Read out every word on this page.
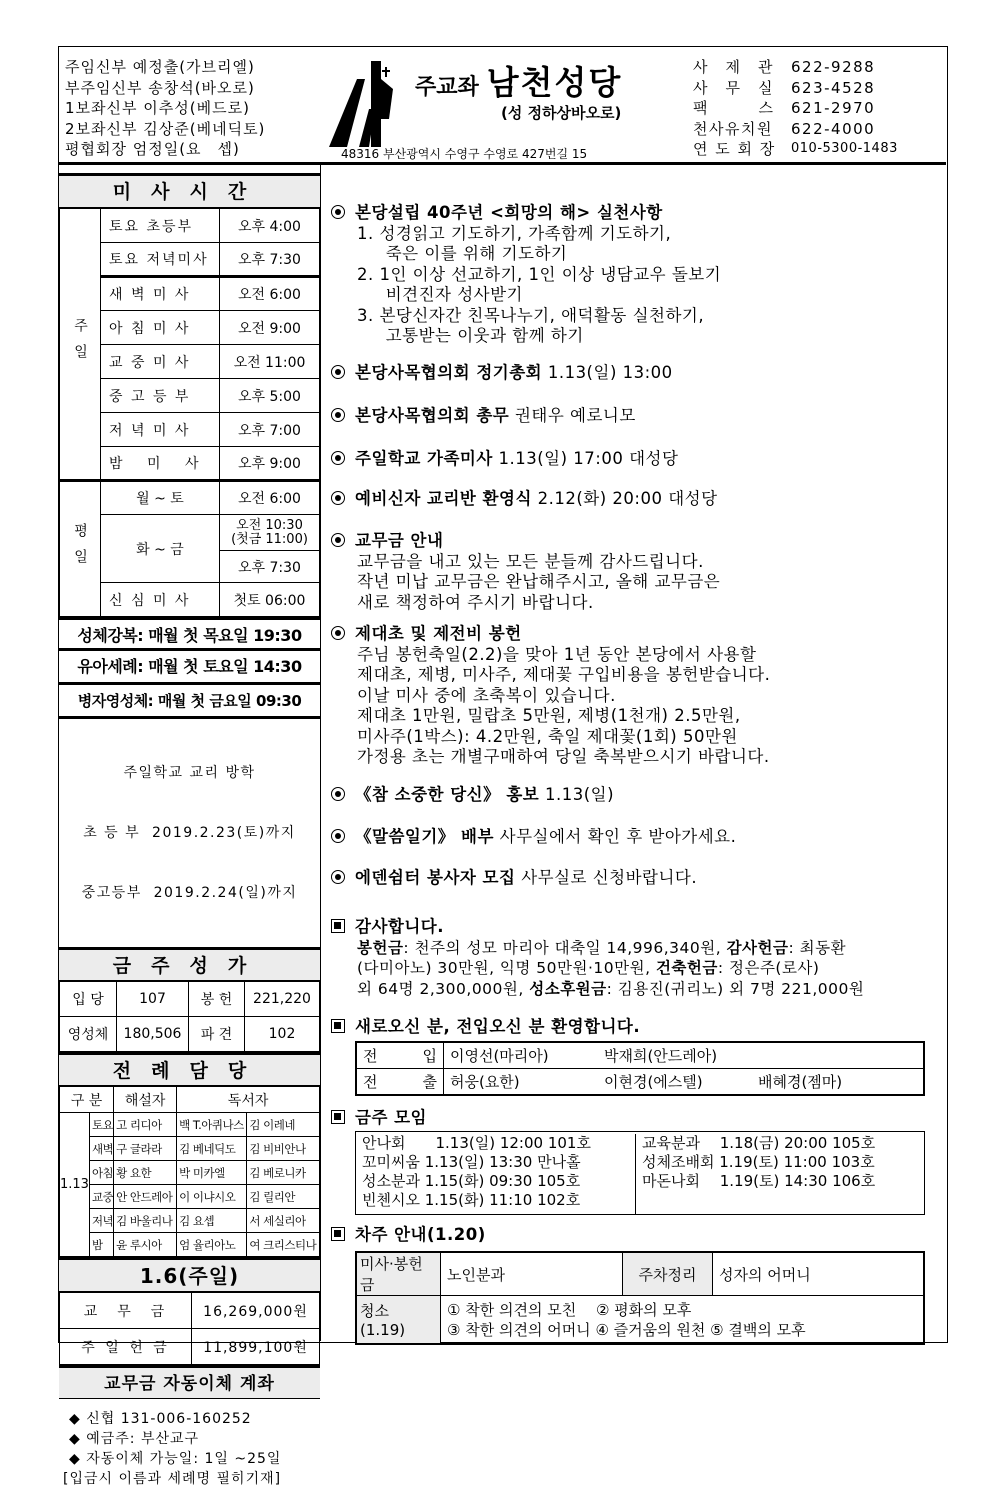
주임신부 예정출(가브리엘)
부주임신부 송창석(바오로)
1보좌신부 이추성(베드로)
2보좌신부 김상준(베네딕토)
평협회장 엄정일(요　셉)
주교좌 남천성당
(성 정하상바오로)
48316 부산광역시 수영구 수영로 427번길 15
사　제　관	622-9288
사　무　실	623-4528
팩　　　스	621-2970
천사유치원	622-4000
연 도 회 장	010-5300-1483
미사시간
주일	토요 초등부	오후 4:00
	토요 저녁미사	오후 7:30
	새 벽 미 사	오전 6:00
	아 침 미 사	오전 9:00
	교 중 미 사	오전 11:00
	중 고 등 부	오후 5:00
	저 녁 미 사	오후 7:00
	밤　 미　 사	오후 9:00
평일	월 ~ 토	오전 6:00
	화 ~ 금	오전 10:30
(첫금 11:00)

		오후 7:30
	신 심 미 사	첫토 06:00
성체강복: 매월 첫 목요일 19:30
유아세례: 매월 첫 토요일 14:30
병자영성체: 매월 첫 금요일 09:30

주일학교 교리 방학

초 등 부  2019.2.23(토)까지

중고등부  2019.2.24(일)까지

금주성가
입 당	107	봉 헌	221,220
영성체	180,506	파 견	102
전례담당
구 분		해설자	독서자	
1.13	토요	고 리디아	백 T.아퀴나스	김 이레네
	새벽	구 글라라	김 베네딕도	김 비비안나
	아침	황 요한	박 미카엘	김 베로니카
	교중	안 안드레아	이 이냐시오	김 릴리안
	저녁	김 바울리나	김 요셉	서 세실리아
	밤	윤 루시아	엄 율리아노	여 크리스티나
1.6(주일)
교　무　금	16,269,000원
주 일 헌 금	11,899,100원
교무금 자동이체 계좌
◆ 신협 131-006-160252
◆ 예금주: 부산교구
◆ 자동이체 가능일: 1일 ~25일
[입금시 이름과 세례명 필히기재]
본당설립 40주년 <희망의 해> 실천사항
1. 성경읽고 기도하기, 가족함께 기도하기,
죽은 이를 위해 기도하기
2. 1인 이상 선교하기, 1인 이상 냉담교우 돌보기
비견진자 성사받기
3. 본당신자간 친목나누기, 애덕활동 실천하기,
고통받는 이웃과 함께 하기
본당사목협의회 정기총회 1.13(일) 13:00
본당사목협의회 총무 권태우 예로니모
주일학교 가족미사 1.13(일) 17:00 대성당
예비신자 교리반 환영식 2.12(화) 20:00 대성당
교무금 안내
교무금을 내고 있는 모든 분들께 감사드립니다.
작년 미납 교무금은 완납해주시고, 올해 교무금은
새로 책정하여 주시기 바랍니다.
제대초 및 제전비 봉헌
주님 봉헌축일(2.2)을 맞아 1년 동안 본당에서 사용할
제대초, 제병, 미사주, 제대꽃 구입비용을 봉헌받습니다.
이날 미사 중에 초축복이 있습니다.
제대초 1만원, 밀랍초 5만원, 제병(1천개) 2.5만원,
미사주(1박스): 4.2만원, 축일 제대꽃(1회) 50만원
가정용 초는 개별구매하여 당일 축복받으시기 바랍니다.
《참 소중한 당신》 홍보 1.13(일)
《말씀일기》 배부 사무실에서 확인 후 받아가세요.
에덴쉼터 봉사자 모집 사무실로 신청바랍니다.
감사합니다.
봉헌금: 천주의 성모 마리아 대축일 14,996,340원, 감사헌금: 최동환
(다미아노) 30만원, 익명 50만원·10만원, 건축헌금: 정은주(로사)
외 64명 2,300,000원, 성소후원금: 김용진(귀리노) 외 7명 221,000원

새로오신 분, 전입오신 분 환영합니다.
전　　　입	이영선(마리아) 박재희(안드레아)
전　　　출	허웅(요한) 이현경(에스텔) 배혜경(젬마)
금주 모임
안나회　　1.13(일) 12:00 101호
꼬미씨움 1.13(일) 13:30 만나홀
성소분과 1.15(화) 09:30 105호
빈첸시오 1.15(화) 11:10 102호
교육분과　 1.18(금) 20:00 105호
성체조배회 1.19(토) 11:00 103호
마돈나회　 1.19(토) 14:30 106호
차주 안내(1.20)
미사·봉헌금	노인분과	주차정리	성자의 어머니
청소 (1.19)	① 착한 의견의 모친　 ② 평화의 모후
③ 착한 의견의 어머니 ④ 즐거움의 원천 ⑤ 결백의 모후		
